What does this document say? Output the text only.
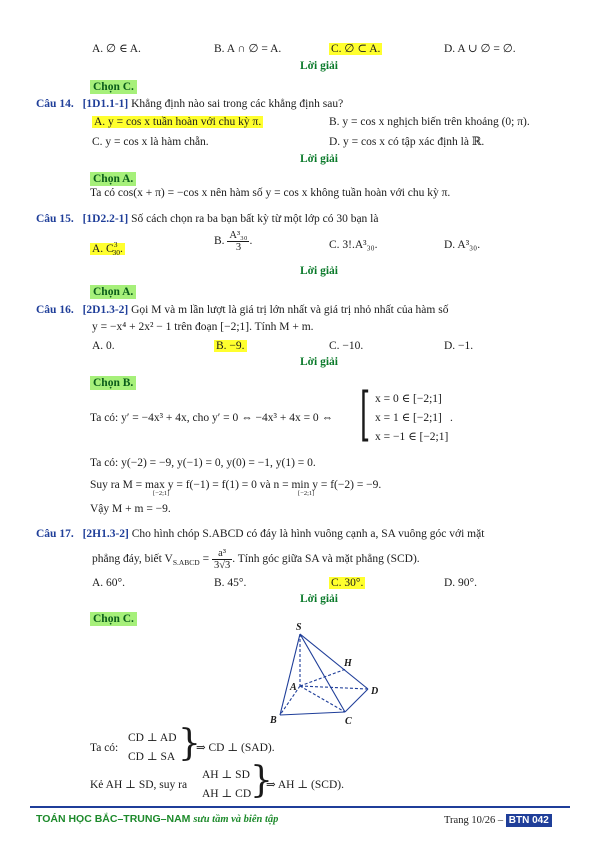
A. ∅ ∈ A.	B. A ∩ ∅ = A.	C. ∅ ⊂ A.	D. A ∪ ∅ = ∅.
Lời giải
Chọn C.
Câu 14. [1D1.1-1] Khẳng định nào sai trong các khẳng định sau?
A. y = cos x tuần hoàn với chu kỳ π.	B. y = cos x nghịch biến trên khoảng (0; π).
C. y = cos x là hàm chẵn.	D. y = cos x có tập xác định là ℝ.
Lời giải
Chọn A.
Ta có cos(x + π) = −cos x nên hàm số y = cos x không tuần hoàn với chu kỳ π.
Câu 15. [1D2.2-1] Số cách chọn ra ba bạn bất kỳ từ một lớp có 30 bạn là
A. $C^3_{30}$.
B. $\frac{\text{A³₃₀}}{3}$ .	C. 3!.A³₃₀.	D. A³₃₀.
Lời giải
Chọn A.
Câu 16. [2D1.3-2] Gọi M và m lần lượt là giá trị lớn nhất và giá trị nhỏ nhất của hàm số
y = −x⁴ + 2x² − 1 trên đoạn [−2;1]. Tính M + m.
A. 0.	B. −9.	C. −10.	D. −1.
Lời giải
Chọn B.
Ta có: y′ = −4x³ + 4x, cho y′ = 0 ⇔ −4x³ + 4x = 0 ⇔ [ x = 0 ∈ [−2;1]
x = 1 ∈ [−2;1]
x = −1 ∈ [−2;1]
.
Ta có: y(−2) = −9, y(−1) = 0, y(0) = −1, y(1) = 0.
Suy ra M = max y = f(−1) = f(1) = 0 và n = min y = f(−2) = −9.
[−2;1]	[−2;1]
Vậy M + m = −9.
Câu 17. [2H1.3-2] Cho hình chóp S.ABCD có đáy là hình vuông cạnh a, SA vuông góc với mặt
phẳng đáy, biết $V_{S.ABCD} = \frac{\text{a³}}{3√3}$ . Tính góc giữa SA và mặt phẳng (SCD).
A. 60°.	B. 45°.	C. 30°.	D. 90°.
Lời giải
Chọn C.
S
H
A	D
B	C
Ta có:
CD ⊥ AD
CD ⊥ SA }
⇒ CD ⊥ (SAD).
Kẻ AH ⊥ SD, suy ra
AH ⊥ SD
AH ⊥ CD
}
⇒ AH ⊥ (SCD).
TOÁN HỌC BẮC–TRUNG–NAM sưu tầm và biên tập	Trang 10/26 – BTN 042
